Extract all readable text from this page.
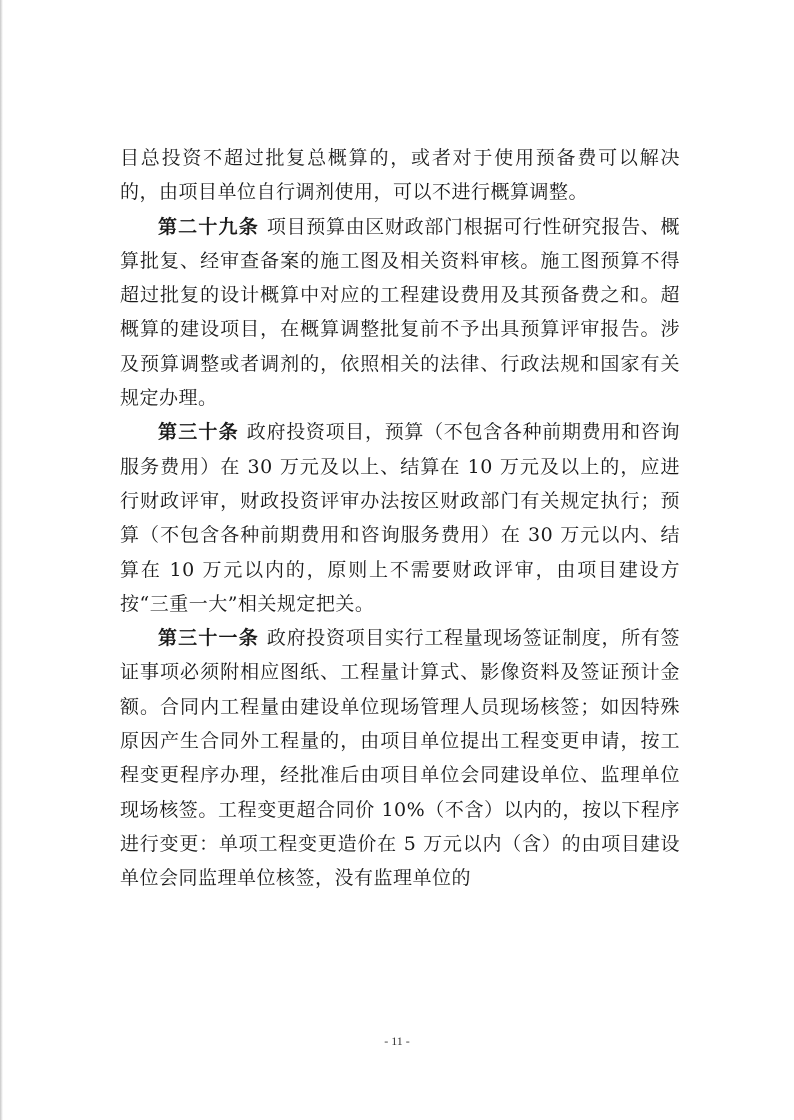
目总投资不超过批复总概算的，或者对于使用预备费可以解决的，由项目单位自行调剂使用，可以不进行概算调整。

第二十九条 项目预算由区财政部门根据可行性研究报告、概算批复、经审查备案的施工图及相关资料审核。施工图预算不得超过批复的设计概算中对应的工程建设费用及其预备费之和。超概算的建设项目，在概算调整批复前不予出具预算评审报告。涉及预算调整或者调剂的，依照相关的法律、行政法规和国家有关规定办理。

第三十条 政府投资项目，预算（不包含各种前期费用和咨询服务费用）在 30 万元及以上、结算在 10 万元及以上的，应进行财政评审，财政投资评审办法按区财政部门有关规定执行；预算（不包含各种前期费用和咨询服务费用）在 30 万元以内、结算在 10 万元以内的，原则上不需要财政评审，由项目建设方按“三重一大”相关规定把关。

第三十一条 政府投资项目实行工程量现场签证制度，所有签证事项必须附相应图纸、工程量计算式、影像资料及签证预计金额。合同内工程量由建设单位现场管理人员现场核签；如因特殊原因产生合同外工程量的，由项目单位提出工程变更申请，按工程变更程序办理，经批准后由项目单位会同建设单位、监理单位现场核签。工程变更超合同价 10%（不含）以内的，按以下程序进行变更：单项工程变更造价在 5 万元以内（含）的由项目建设单位会同监理单位核签，没有监理单位的

- 11 -
